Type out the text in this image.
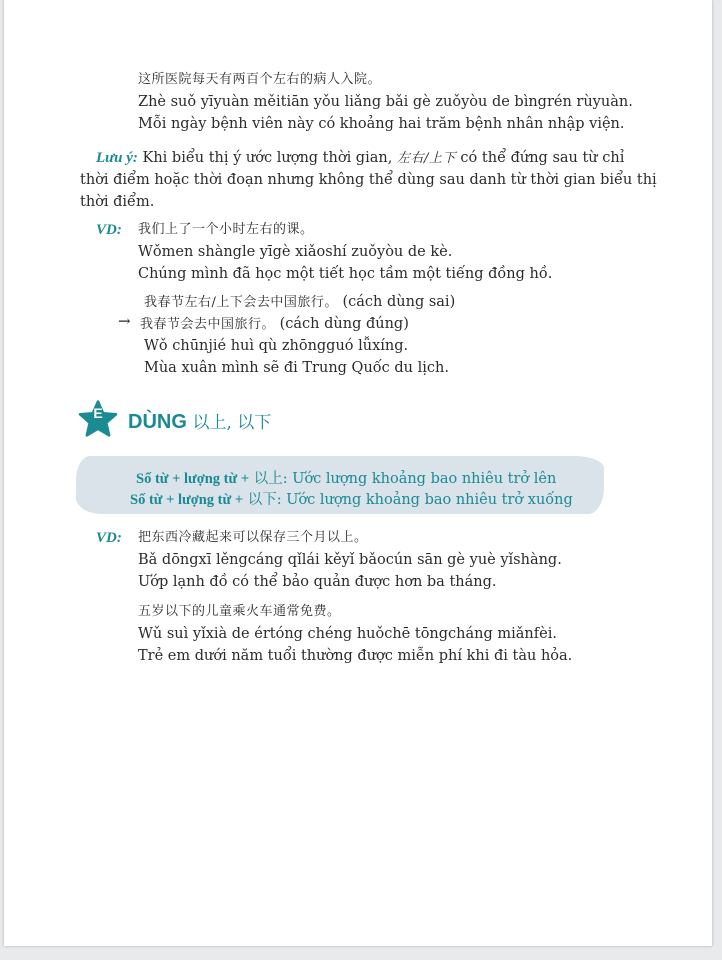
这所医院每天有两百个左右的病人入院。
Zhè suǒ yīyuàn měitiān yǒu liǎng bǎi gè zuǒyòu de bìngrén rùyuàn.
Mỗi ngày bệnh viên này có khoảng hai trăm bệnh nhân nhập viện.
Lưu ý: Khi biểu thị ý ước lượng thời gian, 左右/上下 có thể đứng sau từ chỉ
thời điểm hoặc thời đoạn nhưng không thể dùng sau danh từ thời gian biểu thị
thời điểm.
VD: 我们上了一个小时左右的课。
Wǒmen shàngle yīgè xiǎoshí zuǒyòu de kè.
Chúng mình đã học một tiết học tầm một tiếng đồng hồ.
我春节左右/上下会去中国旅行。 (cách dùng sai)
→ 我春节会去中国旅行。 (cách dùng đúng)
Wǒ chūnjié huì qù zhōngguó lǚxíng.
Mùa xuân mình sẽ đi Trung Quốc du lịch.
E	DÙNG 以上, 以下
Số từ + lượng từ + 以上: Ước lượng khoảng bao nhiêu trở lên
Số từ + lượng từ + 以下: Ước lượng khoảng bao nhiêu trở xuống
VD: 把东西冷藏起来可以保存三个月以上。
Bǎ dōngxī lěngcáng qǐlái kěyǐ bǎocún sān gè yuè yǐshàng.
Ướp lạnh đồ có thể bảo quản được hơn ba tháng.
五岁以下的儿童乘火车通常免费。
Wǔ suì yǐxià de értóng chéng huǒchē tōngcháng miǎnfèi.
Trẻ em dưới năm tuổi thường được miễn phí khi đi tàu hỏa.
